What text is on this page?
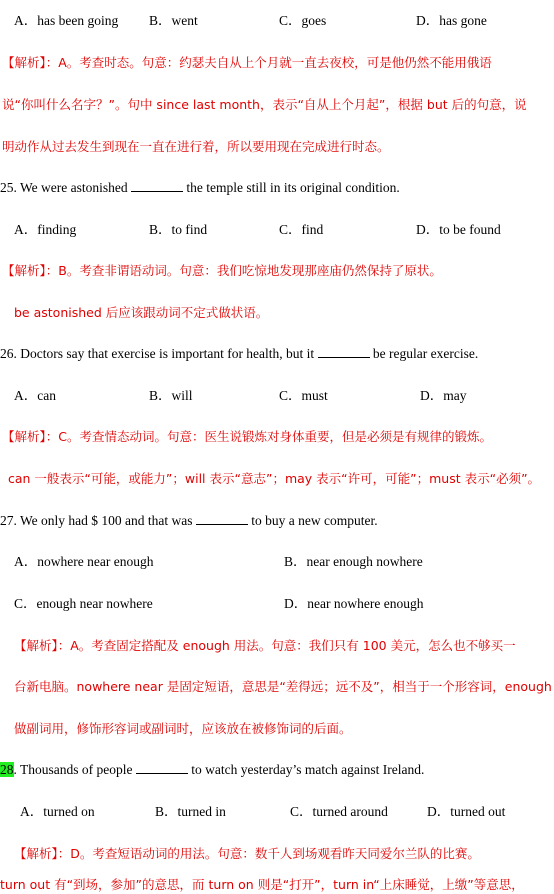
A．has been going B．went	C．goes	D．has gone
【解析】：A。考查时态。句意：约瑟夫自从上个月就一直去夜校，可是他仍然不能用俄语
说“你叫什么名字？”。句中 since last month，表示“自从上个月起”，根据 but 后的句意，说
明动作从过去发生到现在一直在进行着，所以要用现在完成进行时态。
25. We were astonished	the temple still in its original condition.
A．finding	B．to find	C．find	D．to be found
【解析】：B。考查非谓语动词。句意：我们吃惊地发现那座庙仍然保持了原状。
be astonished 后应该跟动词不定式做状语。
26. Doctors say that exercise is important for health, but it	be regular exercise.
A．can	B．will	C．must	D．may
【解析】：C。考查情态动词。句意：医生说锻炼对身体重要，但是必须是有规律的锻炼。
can 一般表示“可能，或能力”；will 表示“意志”；may 表示“许可，可能”；must 表示“必须”。
27. We only had $ 100 and that was	to buy a new computer.
A．nowhere near enough	B．near enough nowhere
C．enough near nowhere	D．near nowhere enough
【解析】：A。考查固定搭配及 enough 用法。句意：我们只有 100 美元，怎么也不够买一
台新电脑。nowhere near 是固定短语，意思是“差得远；远不及”，相当于一个形容词，enough
做副词用，修饰形容词或副词时，应该放在被修饰词的后面。
28. Thousands of people	to watch yesterday’s match against Ireland.
A．turned on	B．turned in	C．turned around	D．turned out
【解析】：D。考查短语动词的用法。句意：数千人到场观看昨天同爱尔兰队的比赛。
turn out 有“到场，参加”的意思，而 turn on 则是“打开”，turn in“上床睡觉，上缴”等意思，
